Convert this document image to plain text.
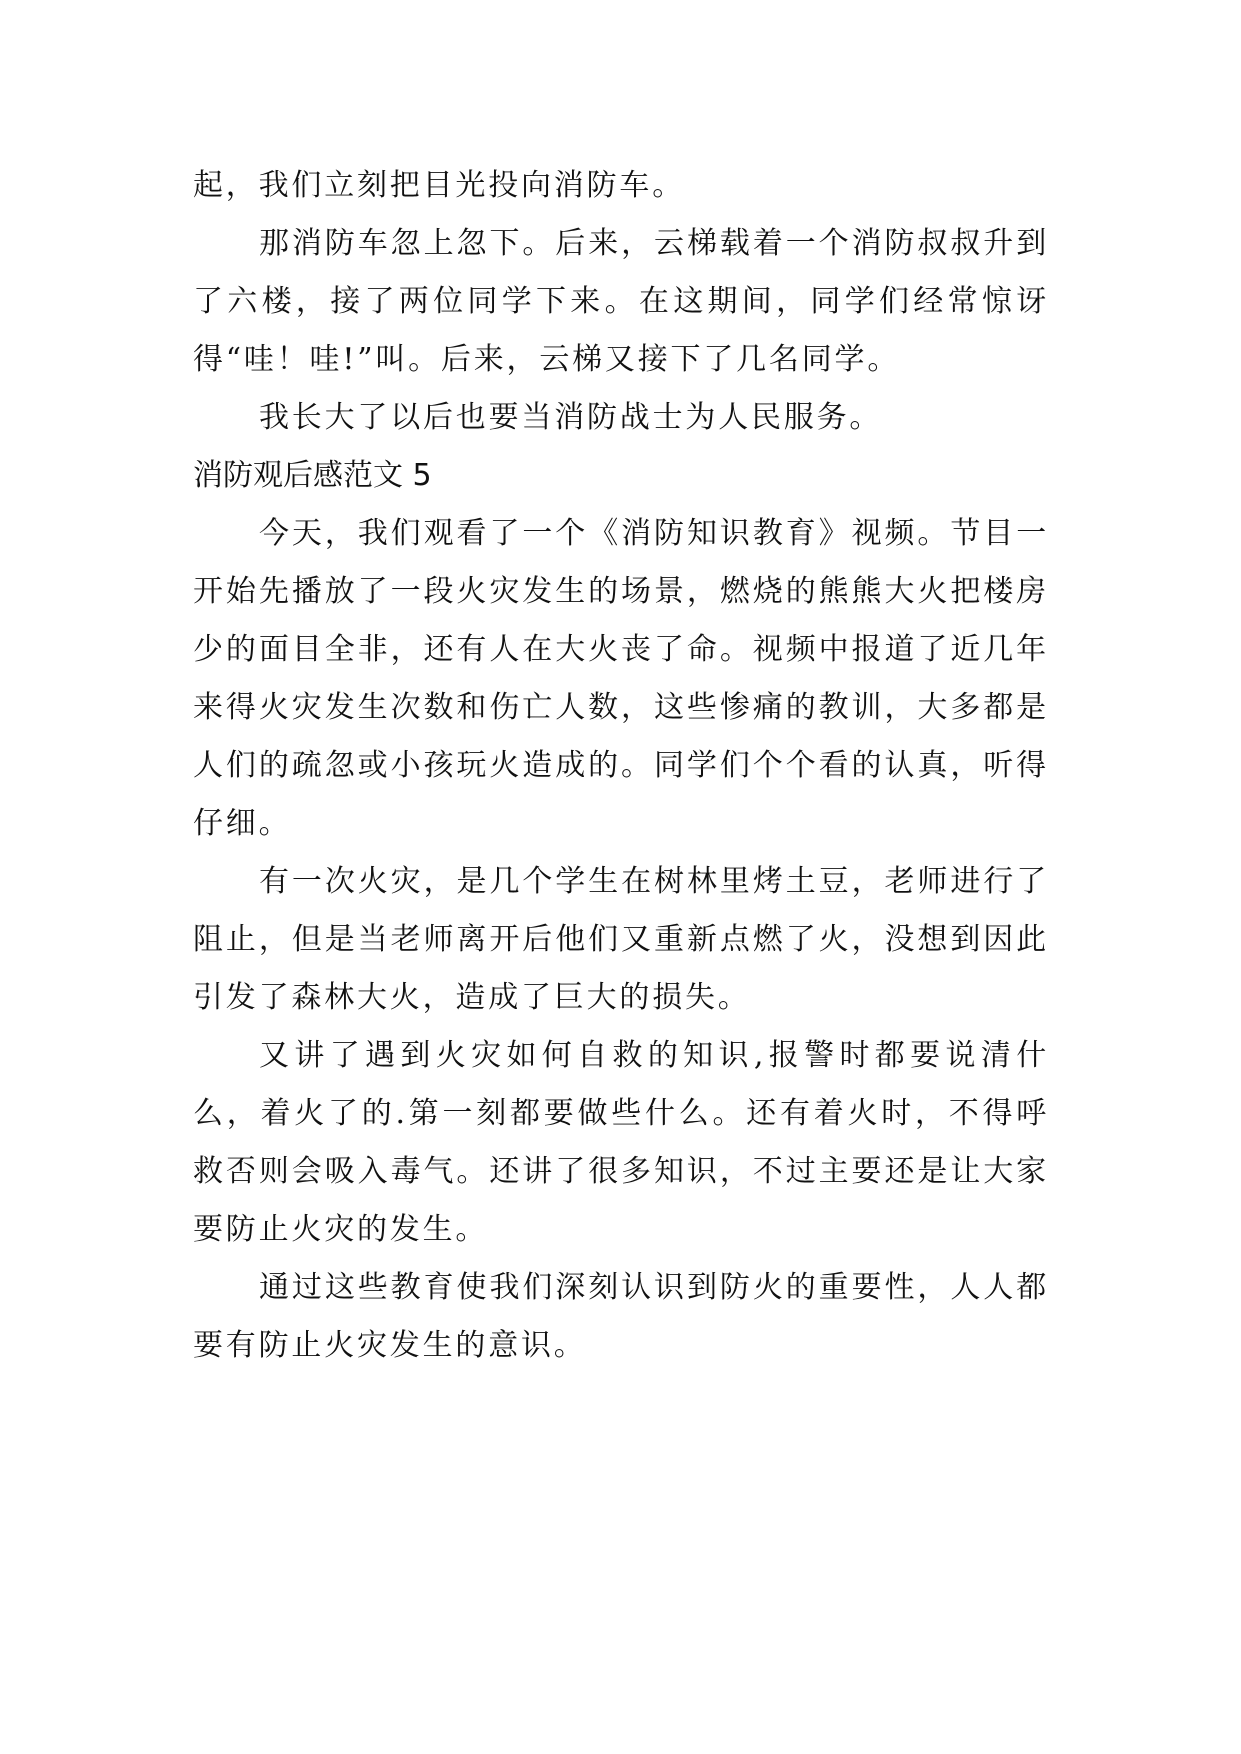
起，我们立刻把目光投向消防车。

那消防车忽上忽下。后来，云梯载着一个消防叔叔升到了六楼，接了两位同学下来。在这期间，同学们经常惊讶得“哇！哇!”叫。后来，云梯又接下了几名同学。

我长大了以后也要当消防战士为人民服务。

消防观后感范文 5

今天，我们观看了一个《消防知识教育》视频。节目一开始先播放了一段火灾发生的场景，燃烧的熊熊大火把楼房少的面目全非，还有人在大火丧了命。视频中报道了近几年来得火灾发生次数和伤亡人数，这些惨痛的教训，大多都是人们的疏忽或小孩玩火造成的。同学们个个看的认真，听得仔细。

有一次火灾，是几个学生在树林里烤土豆，老师进行了阻止，但是当老师离开后他们又重新点燃了火，没想到因此引发了森林大火，造成了巨大的损失。

又讲了遇到火灾如何自救的知识,报警时都要说清什么，着火了的.第一刻都要做些什么。还有着火时，不得呼救否则会吸入毒气。还讲了很多知识，不过主要还是让大家要防止火灾的发生。

通过这些教育使我们深刻认识到防火的重要性，人人都要有防止火灾发生的意识。
